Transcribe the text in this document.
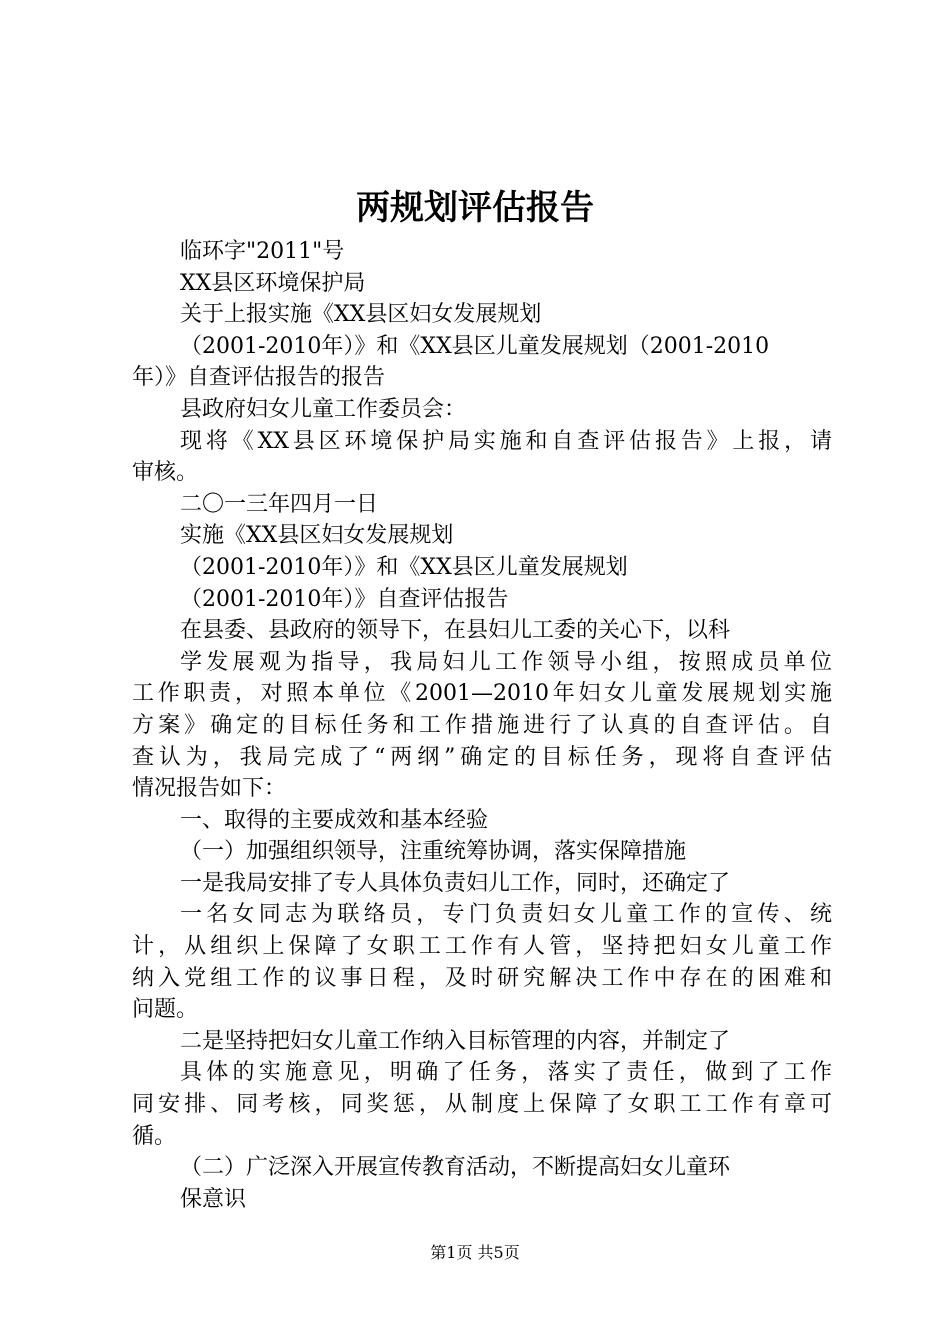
两规划评估报告
临环字"2011"号
XX县区环境保护局
关于上报实施《XX县区妇女发展规划
（2001-2010年）》和《XX县区儿童发展规划（2001-2010
年）》自查评估报告的报告
县政府妇女儿童工作委员会：
现将《XX县区环境保护局实施和自查评估报告》上报，请
审核。
二〇一三年四月一日
实施《XX县区妇女发展规划
（2001-2010年）》和《XX县区儿童发展规划
（2001-2010年）》自查评估报告
在县委、县政府的领导下，在县妇儿工委的关心下，以科
学发展观为指导，我局妇儿工作领导小组，按照成员单位
工作职责，对照本单位《2001—2010年妇女儿童发展规划实施
方案》确定的目标任务和工作措施进行了认真的自查评估。自
查认为，我局完成了“两纲”确定的目标任务，现将自查评估
情况报告如下：
一、取得的主要成效和基本经验
（一）加强组织领导，注重统筹协调，落实保障措施
一是我局安排了专人具体负责妇儿工作，同时，还确定了
一名女同志为联络员，专门负责妇女儿童工作的宣传、统
计，从组织上保障了女职工工作有人管，坚持把妇女儿童工作
纳入党组工作的议事日程，及时研究解决工作中存在的困难和
问题。
二是坚持把妇女儿童工作纳入目标管理的内容，并制定了
具体的实施意见，明确了任务，落实了责任，做到了工作
同安排、同考核，同奖惩，从制度上保障了女职工工作有章可
循。
（二）广泛深入开展宣传教育活动，不断提高妇女儿童环
保意识
第1页 共5页
